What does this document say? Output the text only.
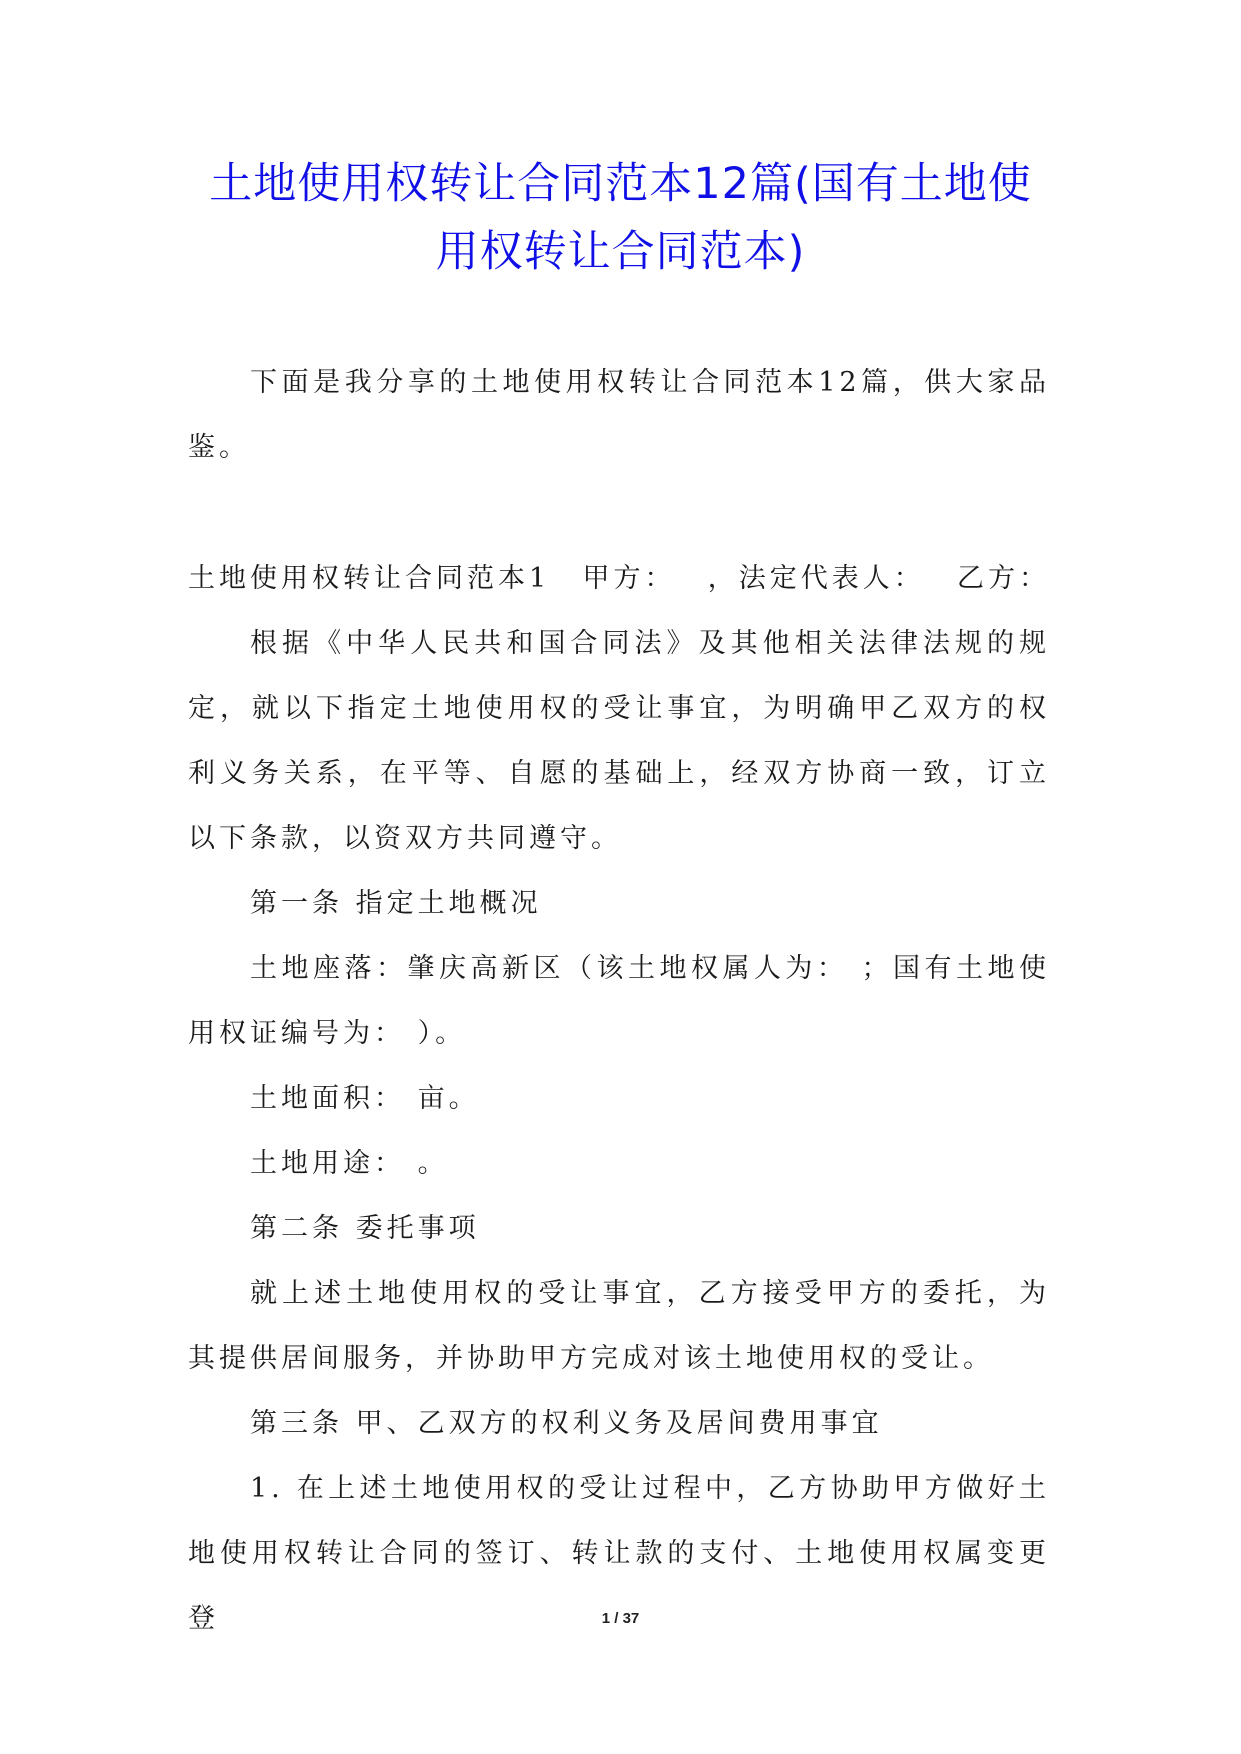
土地使用权转让合同范本12篇(国有土地使
用权转让合同范本)

下面是我分享的土地使用权转让合同范本12篇，供大家品鉴。

土地使用权转让合同范本1 甲方： ，法定代表人： 乙方：

根据《中华人民共和国合同法》及其他相关法律法规的规定，就以下指定土地使用权的受让事宜，为明确甲乙双方的权利义务关系，在平等、自愿的基础上，经双方协商一致，订立以下条款，以资双方共同遵守。

第一条 指定土地概况

土地座落：肇庆高新区（该土地权属人为： ；国有土地使用权证编号为： ）。

土地面积： 亩。

土地用途： 。

第二条 委托事项

就上述土地使用权的受让事宜，乙方接受甲方的委托，为其提供居间服务，并协助甲方完成对该土地使用权的受让。

第三条 甲、乙双方的权利义务及居间费用事宜

1. 在上述土地使用权的受让过程中，乙方协助甲方做好土地使用权转让合同的签订、转让款的支付、土地使用权属变更登	1 / 37
